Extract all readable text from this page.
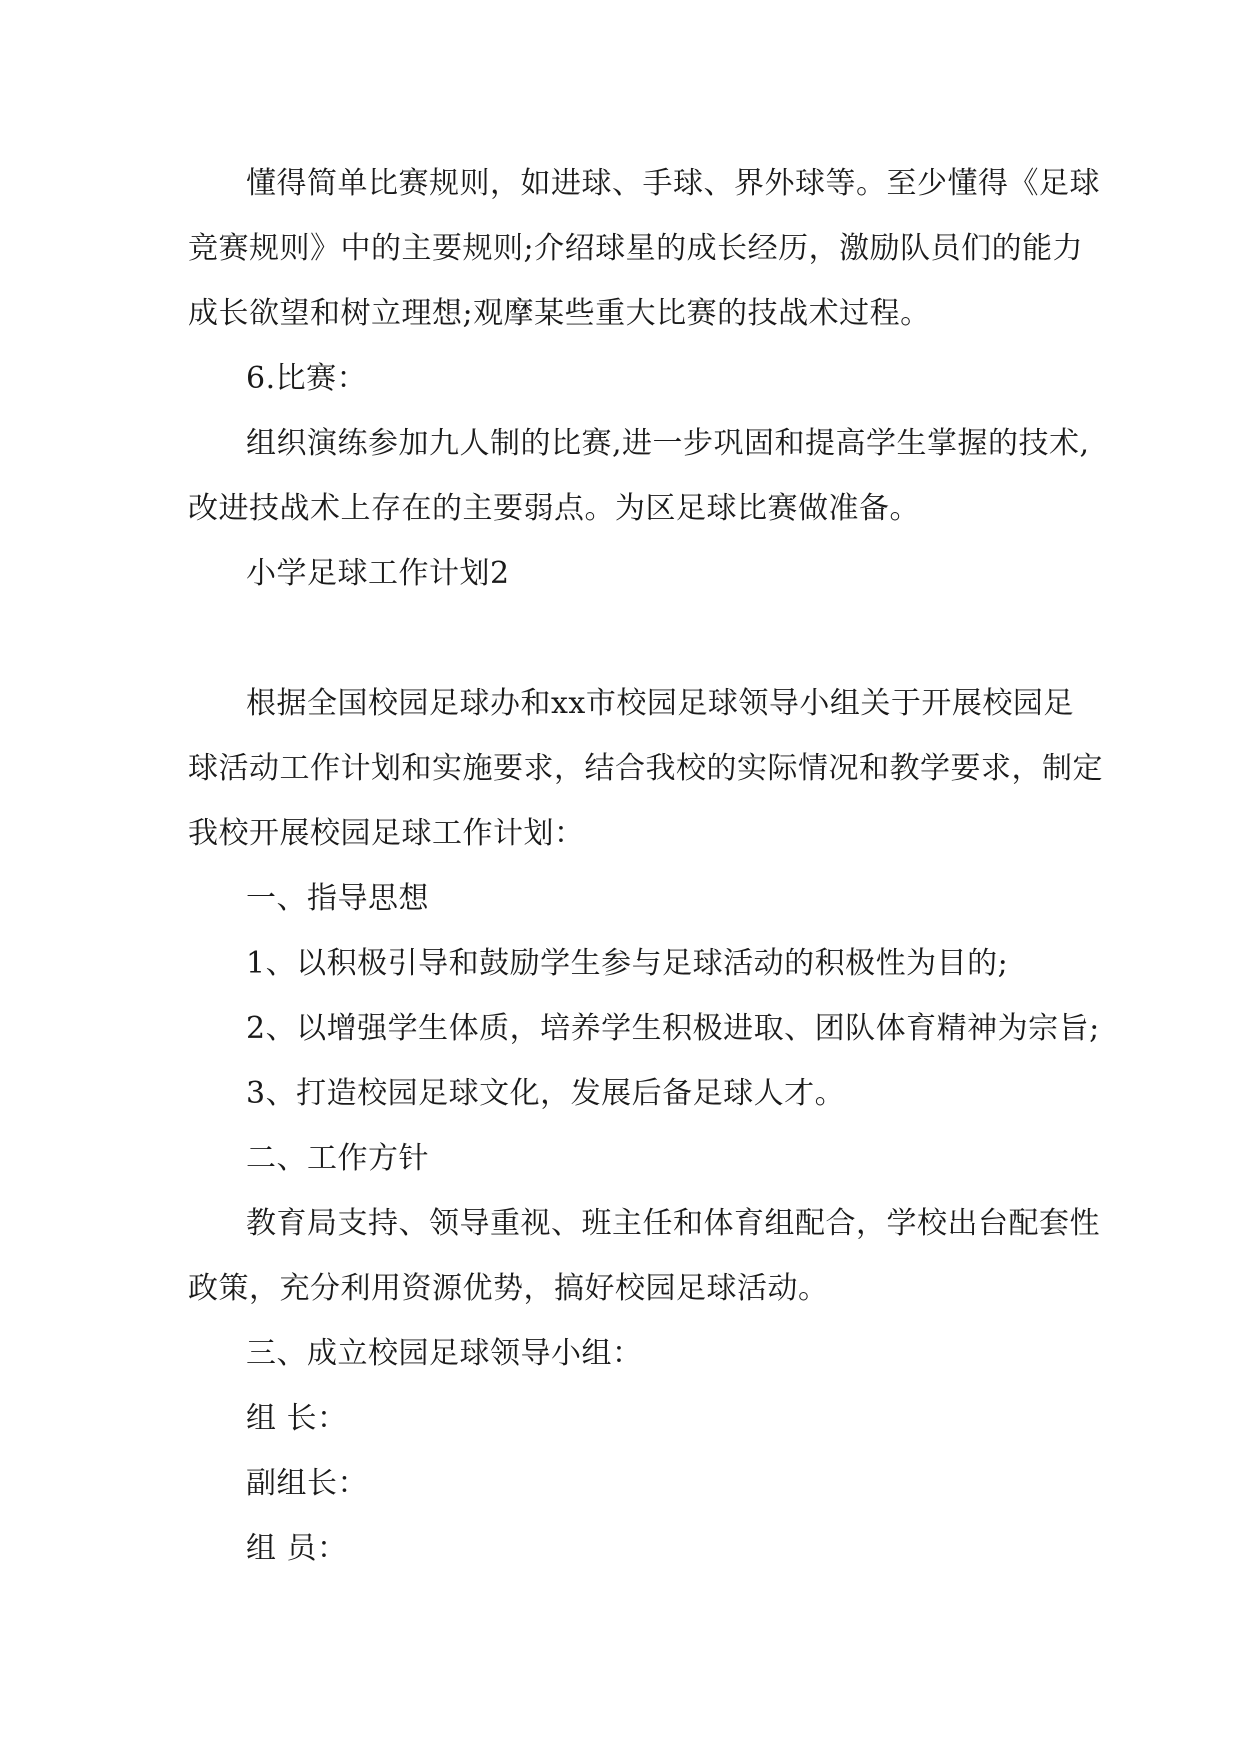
懂得简单比赛规则，如进球、手球、界外球等。至少懂得《足球
竞赛规则》中的主要规则;介绍球星的成长经历，激励队员们的能力
成长欲望和树立理想;观摩某些重大比赛的技战术过程。
6.比赛：
组织演练参加九人制的比赛,进一步巩固和提高学生掌握的技术,
改进技战术上存在的主要弱点。为区足球比赛做准备。
小学足球工作计划2
根据全国校园足球办和xx市校园足球领导小组关于开展校园足
球活动工作计划和实施要求，结合我校的实际情况和教学要求，制定
我校开展校园足球工作计划：
一、指导思想
1、以积极引导和鼓励学生参与足球活动的积极性为目的;
2、以增强学生体质，培养学生积极进取、团队体育精神为宗旨;
3、打造校园足球文化，发展后备足球人才。
二、工作方针
教育局支持、领导重视、班主任和体育组配合，学校出台配套性
政策，充分利用资源优势，搞好校园足球活动。
三、成立校园足球领导小组：
组 长：
副组长：
组 员：
